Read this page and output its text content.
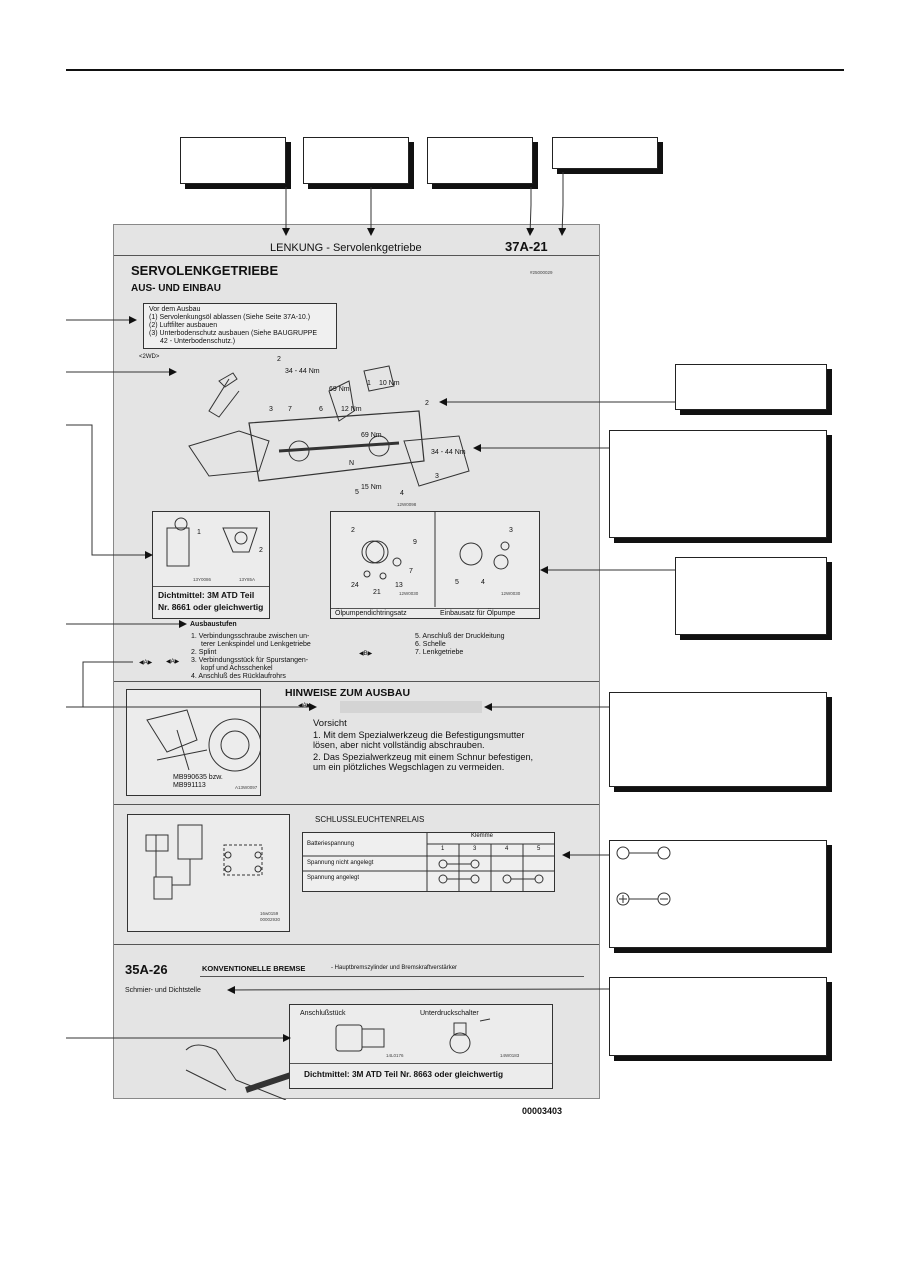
LENKUNG - Servolenkgetriebe	37A-21
SERVOLENKGETRIEBE	#25000029
AUS- UND EINBAU
Vor dem Ausbau
(1) Servolenkungsöl ablassen (Siehe Seite 37A-10.)
(2) Luftfilter ausbauen
(3) Unterbodenschutz ausbauen (Siehe BAUGRUPPE
42 - Unterbodenschutz.)
<2WD>	2
34 - 44 Nm
69 Nm
1 10 Nm
6	12 Nm
2
3 7
69 Nm
34 - 44 Nm
N
15 Nm
5	4
3
12W0098
1
2
13Y0086	13Y85A
Dichtmittel: 3M ATD Teil
Nr. 8661 oder gleichwertig
2
9
7
24
21
13
3
5	4
12W0030	12W0030
Ölpumpendichtringsatz	Einbausatz für Ölpumpe
Ausbaustufen
1. Verbindungsschraube zwischen un-
terer Lenkspindel und Lenkgetriebe
2. Splint
3. Verbindungsstück für Spurstangen-
kopf und Achsschenkel
4. Anschluß des Rücklaufrohrs
5. Anschluß der Druckleitung
6. Schelle
7. Lenkgetriebe
◀A▶
◀B▶
MB990635 bzw.
MB991113	A13W0097
HINWEISE ZUM AUSBAU
◀A▶
Vorsicht
1. Mit dem Spezialwerkzeug die Befestigungsmutter
lösen, aber nicht vollständig abschrauben.
2. Das Spezialwerkzeug mit einem Schnur befestigen,
um ein plötzliches Wegschlagen zu vermeiden.
SCHLUSSLEUCHTENRELAIS
16w0159
00002930
Klemme
1	3	4	5
Batteriespannung
Spannung nicht angelegt
Spannung angelegt
35A-26	KONVENTIONELLE BREMSE	- Hauptbremszylinder und Bremskraftverstärker
Schmier- und Dichtstelle
Anschlußstück	Unterdruckschalter
14L0176	14W0183
Dichtmittel: 3M ATD Teil Nr. 8663 oder gleichwertig
00003403
◀A▶
